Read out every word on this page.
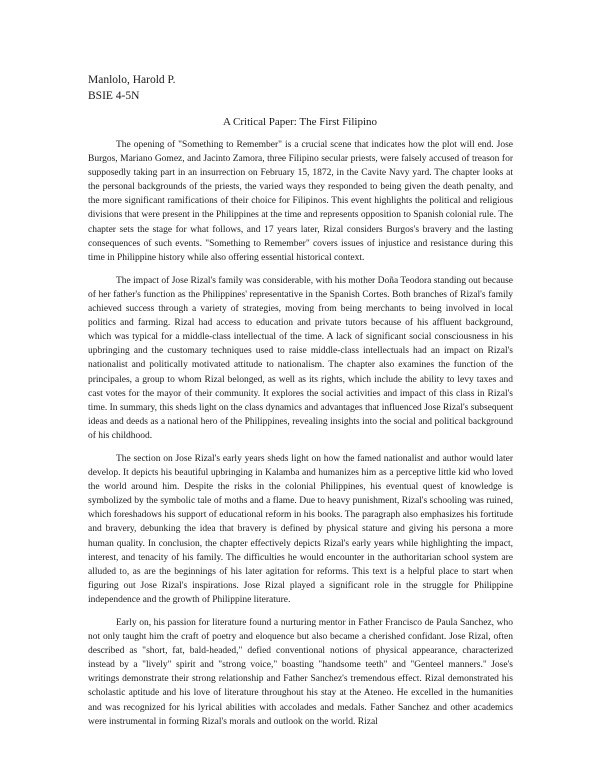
Manlolo, Harold P.
BSIE 4-5N
A Critical Paper: The First Filipino

The opening of "Something to Remember" is a crucial scene that indicates how the plot will end. Jose Burgos, Mariano Gomez, and Jacinto Zamora, three Filipino secular priests, were falsely accused of treason for supposedly taking part in an insurrection on February 15, 1872, in the Cavite Navy yard. The chapter looks at the personal backgrounds of the priests, the varied ways they responded to being given the death penalty, and the more significant ramifications of their choice for Filipinos. This event highlights the political and religious divisions that were present in the Philippines at the time and represents opposition to Spanish colonial rule. The chapter sets the stage for what follows, and 17 years later, Rizal considers Burgos's bravery and the lasting consequences of such events. "Something to Remember" covers issues of injustice and resistance during this time in Philippine history while also offering essential historical context.

The impact of Jose Rizal's family was considerable, with his mother Doña Teodora standing out because of her father's function as the Philippines' representative in the Spanish Cortes. Both branches of Rizal's family achieved success through a variety of strategies, moving from being merchants to being involved in local politics and farming. Rizal had access to education and private tutors because of his affluent background, which was typical for a middle-class intellectual of the time. A lack of significant social consciousness in his upbringing and the customary techniques used to raise middle-class intellectuals had an impact on Rizal's nationalist and politically motivated attitude to nationalism. The chapter also examines the function of the principales, a group to whom Rizal belonged, as well as its rights, which include the ability to levy taxes and cast votes for the mayor of their community. It explores the social activities and impact of this class in Rizal's time. In summary, this sheds light on the class dynamics and advantages that influenced Jose Rizal's subsequent ideas and deeds as a national hero of the Philippines, revealing insights into the social and political background of his childhood.

The section on Jose Rizal's early years sheds light on how the famed nationalist and author would later develop. It depicts his beautiful upbringing in Kalamba and humanizes him as a perceptive little kid who loved the world around him. Despite the risks in the colonial Philippines, his eventual quest of knowledge is symbolized by the symbolic tale of moths and a flame. Due to heavy punishment, Rizal's schooling was ruined, which foreshadows his support of educational reform in his books. The paragraph also emphasizes his fortitude and bravery, debunking the idea that bravery is defined by physical stature and giving his persona a more human quality. In conclusion, the chapter effectively depicts Rizal's early years while highlighting the impact, interest, and tenacity of his family. The difficulties he would encounter in the authoritarian school system are alluded to, as are the beginnings of his later agitation for reforms. This text is a helpful place to start when figuring out Jose Rizal's inspirations. Jose Rizal played a significant role in the struggle for Philippine independence and the growth of Philippine literature.

Early on, his passion for literature found a nurturing mentor in Father Francisco de Paula Sanchez, who not only taught him the craft of poetry and eloquence but also became a cherished confidant. Jose Rizal, often described as "short, fat, bald-headed," defied conventional notions of physical appearance, characterized instead by a "lively" spirit and "strong voice," boasting "handsome teeth" and "Genteel manners." Jose's writings demonstrate their strong relationship and Father Sanchez's tremendous effect. Rizal demonstrated his scholastic aptitude and his love of literature throughout his stay at the Ateneo. He excelled in the humanities and was recognized for his lyrical abilities with accolades and medals. Father Sanchez and other academics were instrumental in forming Rizal's morals and outlook on the world. Rizal
